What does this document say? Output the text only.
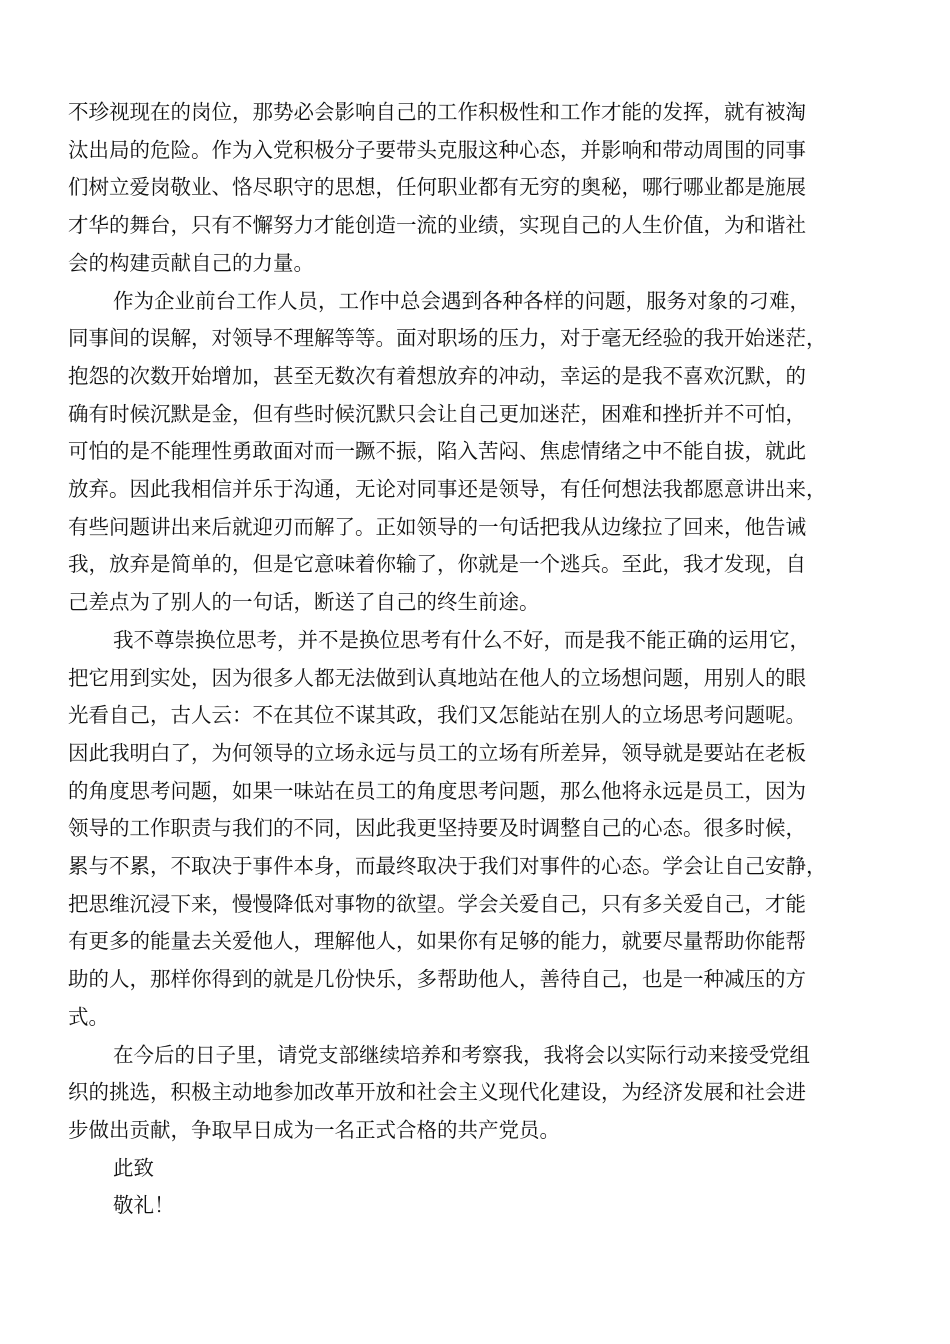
不珍视现在的岗位，那势必会影响自己的工作积极性和工作才能的发挥，就有被淘
汰出局的危险。作为入党积极分子要带头克服这种心态，并影响和带动周围的同事
们树立爱岗敬业、恪尽职守的思想，任何职业都有无穷的奥秘，哪行哪业都是施展
才华的舞台，只有不懈努力才能创造一流的业绩，实现自己的人生价值，为和谐社
会的构建贡献自己的力量。

作为企业前台工作人员，工作中总会遇到各种各样的问题，服务对象的刁难，
同事间的误解，对领导不理解等等。面对职场的压力，对于毫无经验的我开始迷茫，
抱怨的次数开始增加，甚至无数次有着想放弃的冲动，幸运的是我不喜欢沉默，的
确有时候沉默是金，但有些时候沉默只会让自己更加迷茫，困难和挫折并不可怕，
可怕的是不能理性勇敢面对而一蹶不振，陷入苦闷、焦虑情绪之中不能自拔，就此
放弃。因此我相信并乐于沟通，无论对同事还是领导，有任何想法我都愿意讲出来，
有些问题讲出来后就迎刃而解了。正如领导的一句话把我从边缘拉了回来，他告诫
我，放弃是简单的，但是它意味着你输了，你就是一个逃兵。至此，我才发现，自
己差点为了别人的一句话，断送了自己的终生前途。

我不尊崇换位思考，并不是换位思考有什么不好，而是我不能正确的运用它，
把它用到实处，因为很多人都无法做到认真地站在他人的立场想问题，用别人的眼
光看自己，古人云：不在其位不谋其政，我们又怎能站在别人的立场思考问题呢。
因此我明白了，为何领导的立场永远与员工的立场有所差异，领导就是要站在老板
的角度思考问题，如果一味站在员工的角度思考问题，那么他将永远是员工，因为
领导的工作职责与我们的不同，因此我更坚持要及时调整自己的心态。很多时候，
累与不累，不取决于事件本身，而最终取决于我们对事件的心态。学会让自己安静，
把思维沉浸下来，慢慢降低对事物的欲望。学会关爱自己，只有多关爱自己，才能
有更多的能量去关爱他人，理解他人，如果你有足够的能力，就要尽量帮助你能帮
助的人，那样你得到的就是几份快乐，多帮助他人，善待自己，也是一种减压的方
式。

在今后的日子里，请党支部继续培养和考察我，我将会以实际行动来接受党组
织的挑选，积极主动地参加改革开放和社会主义现代化建设，为经济发展和社会进
步做出贡献，争取早日成为一名正式合格的共产党员。

此致
敬礼！
